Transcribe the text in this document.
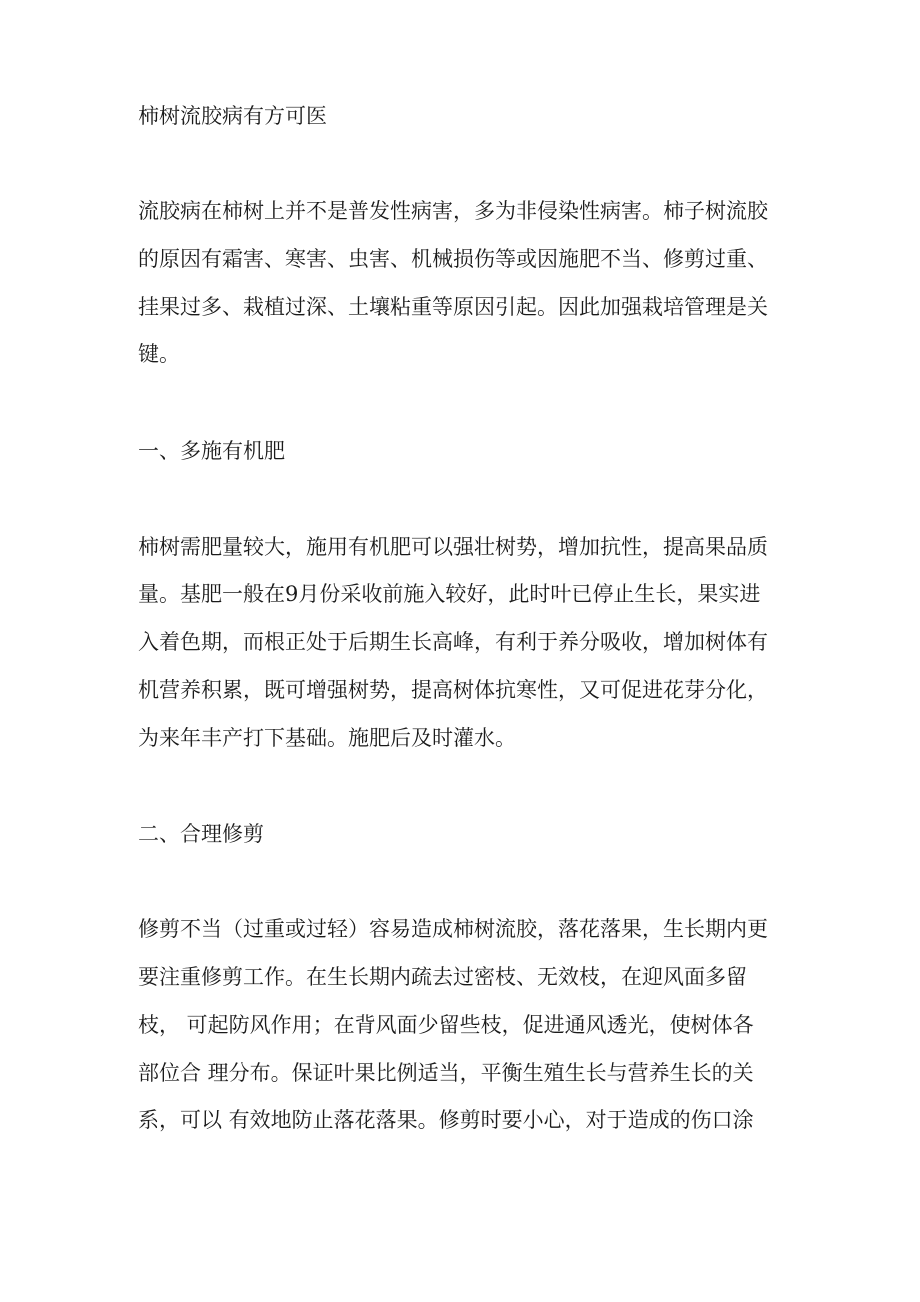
柿树流胶病有方可医
流胶病在柿树上并不是普发性病害，多为非侵染性病害。柿子树流胶
的原因有霜害、寒害、虫害、机械损伤等或因施肥不当、修剪过重、
挂果过多、栽植过深、土壤粘重等原因引起。因此加强栽培管理是关
键。
一、多施有机肥
柿树需肥量较大，施用有机肥可以强壮树势，增加抗性，提高果品质
量。基肥一般在9月份采收前施入较好，此时叶已停止生长，果实进
入着色期，而根正处于后期生长高峰，有利于养分吸收，增加树体有
机营养积累，既可增强树势，提高树体抗寒性，又可促进花芽分化，
为来年丰产打下基础。施肥后及时灌水。
二、合理修剪
修剪不当（过重或过轻）容易造成柿树流胶，落花落果，生长期内更
要注重修剪工作。在生长期内疏去过密枝、无效枝，在迎风面多留
枝， 可起防风作用；在背风面少留些枝，促进通风透光，使树体各
部位合 理分布。保证叶果比例适当，平衡生殖生长与营养生长的关
系，可以 有效地防止落花落果。修剪时要小心，对于造成的伤口涂
